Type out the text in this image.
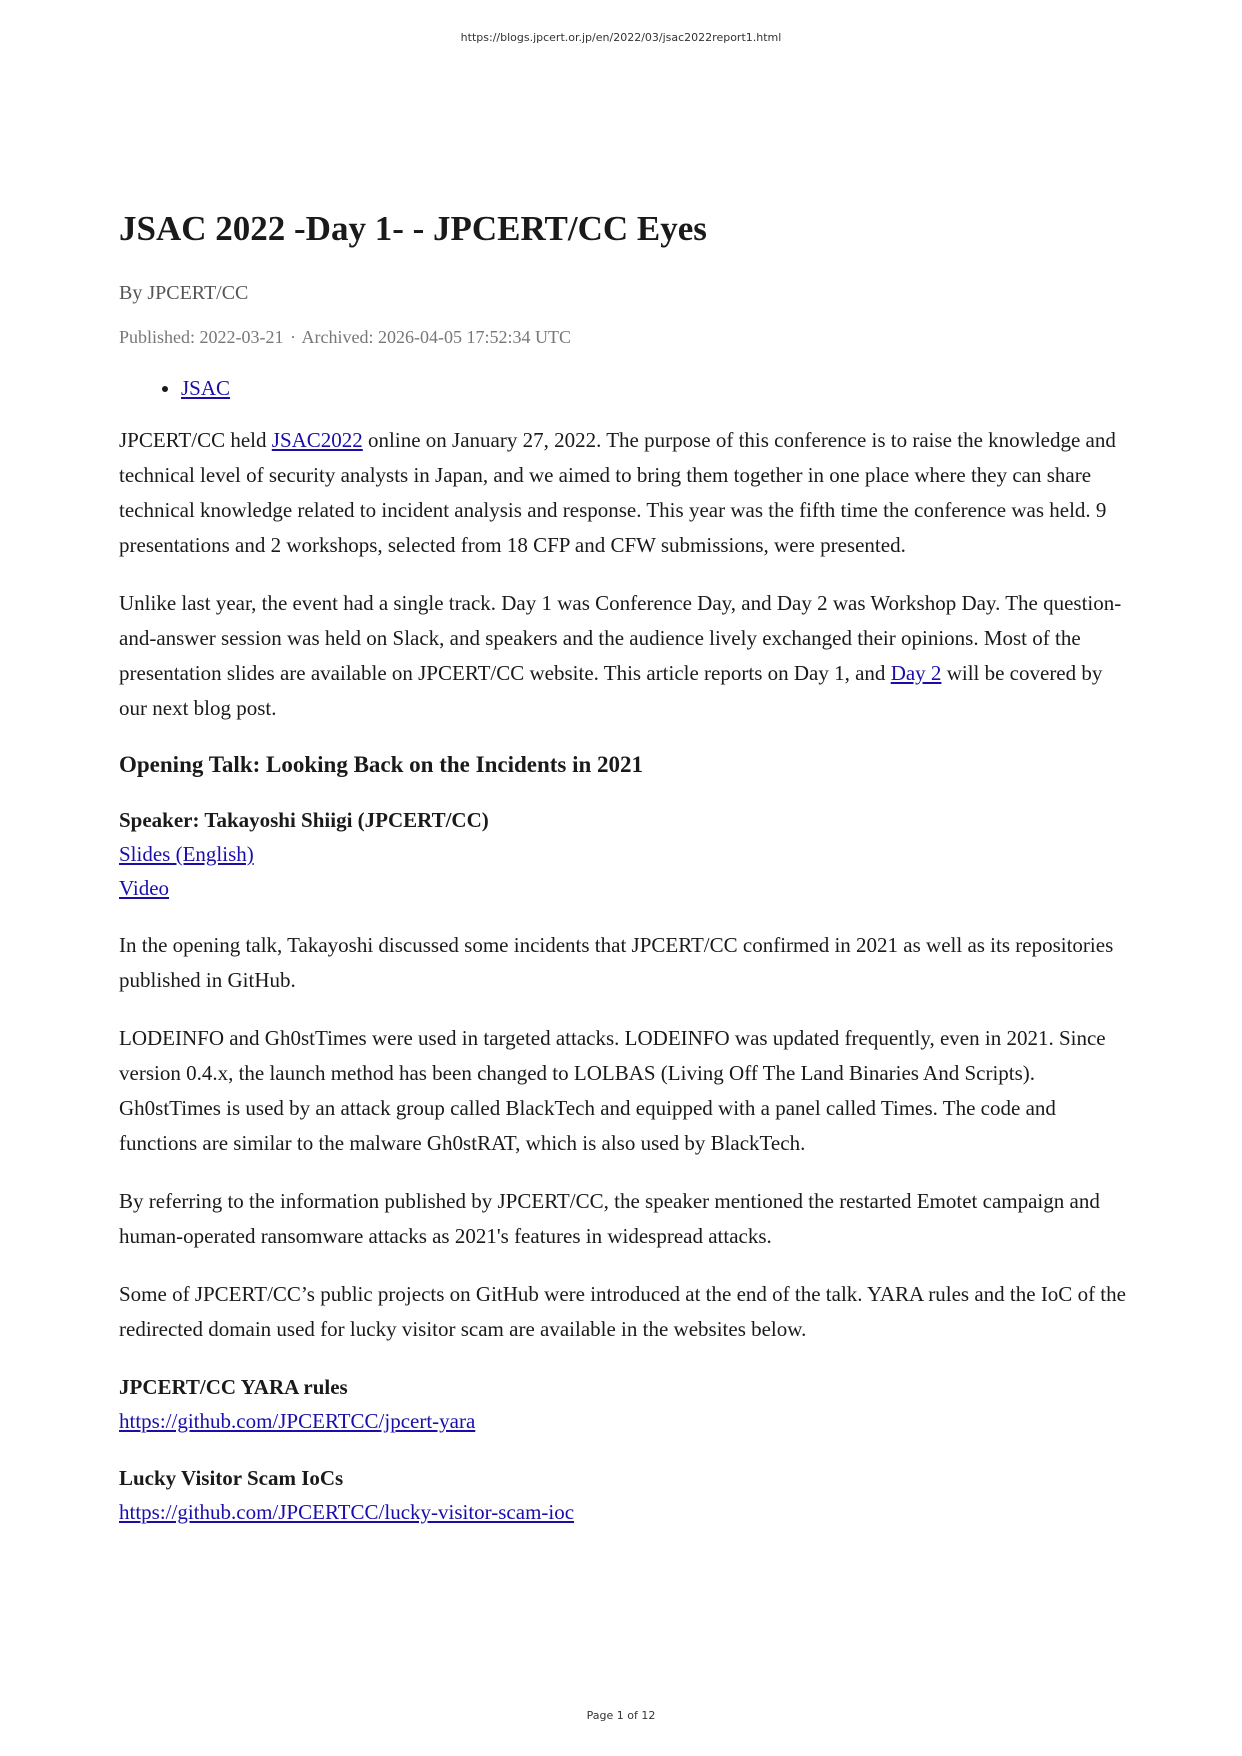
https://blogs.jpcert.or.jp/en/2022/03/jsac2022report1.html
JSAC 2022 -Day 1- - JPCERT/CC Eyes
By JPCERT/CC
Published: 2022-03-21 · Archived: 2026-04-05 17:52:34 UTC
• JSAC

JPCERT/CC held JSAC2022 online on January 27, 2022. The purpose of this conference is to raise the knowledge and technical level of security analysts in Japan, and we aimed to bring them together in one place where they can share technical knowledge related to incident analysis and response. This year was the fifth time the conference was held. 9 presentations and 2 workshops, selected from 18 CFP and CFW submissions, were presented.

Unlike last year, the event had a single track. Day 1 was Conference Day, and Day 2 was Workshop Day. The question-and-answer session was held on Slack, and speakers and the audience lively exchanged their opinions. Most of the presentation slides are available on JPCERT/CC website. This article reports on Day 1, and Day 2 will be covered by our next blog post.

Opening Talk: Looking Back on the Incidents in 2021
Speaker: Takayoshi Shiigi (JPCERT/CC)
Slides (English)
Video

In the opening talk, Takayoshi discussed some incidents that JPCERT/CC confirmed in 2021 as well as its repositories published in GitHub.

LODEINFO and Gh0stTimes were used in targeted attacks. LODEINFO was updated frequently, even in 2021. Since version 0.4.x, the launch method has been changed to LOLBAS (Living Off The Land Binaries And Scripts). Gh0stTimes is used by an attack group called BlackTech and equipped with a panel called Times. The code and functions are similar to the malware Gh0stRAT, which is also used by BlackTech.

By referring to the information published by JPCERT/CC, the speaker mentioned the restarted Emotet campaign and human-operated ransomware attacks as 2021's features in widespread attacks.

Some of JPCERT/CC’s public projects on GitHub were introduced at the end of the talk. YARA rules and the IoC of the redirected domain used for lucky visitor scam are available in the websites below.

JPCERT/CC YARA rules
https://github.com/JPCERTCC/jpcert-yara
Lucky Visitor Scam IoCs
https://github.com/JPCERTCC/lucky-visitor-scam-ioc
Page 1 of 12
